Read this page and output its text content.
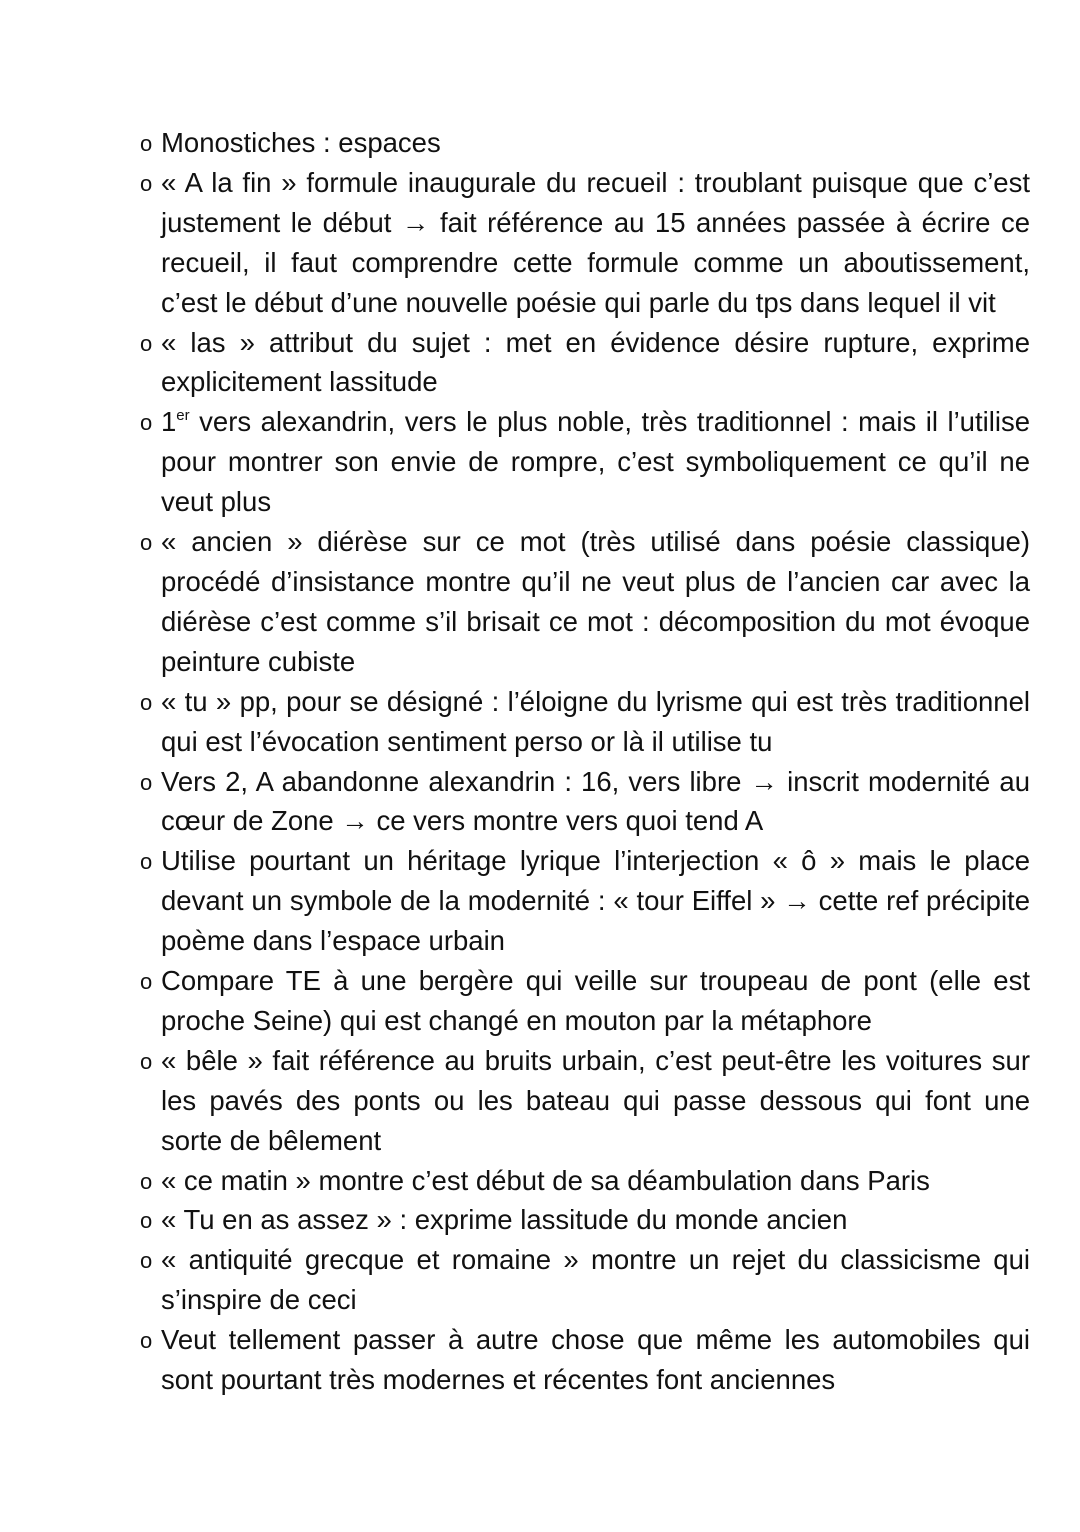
o Monostiches : espaces
o « A la fin » formule inaugurale du recueil : troublant puisque que c’est justement le début → fait référence au 15 années passée à écrire ce recueil, il faut comprendre cette formule comme un aboutissement, c’est le début d’une nouvelle poésie qui parle du tps dans lequel il vit
o « las » attribut du sujet : met en évidence désire rupture, exprime explicitement lassitude
o 1er vers alexandrin, vers le plus noble, très traditionnel : mais il l’utilise pour montrer son envie de rompre, c’est symboliquement ce qu’il ne veut plus
o « ancien » diérèse sur ce mot (très utilisé dans poésie classique) procédé d’insistance montre qu’il ne veut plus de l’ancien car avec la diérèse c’est comme s’il brisait ce mot : décomposition du mot évoque peinture cubiste
o « tu » pp, pour se désigné : l’éloigne du lyrisme qui est très traditionnel qui est l’évocation sentiment perso or là il utilise tu
o Vers 2, A abandonne alexandrin : 16, vers libre → inscrit modernité au cœur de Zone → ce vers montre vers quoi tend A
o Utilise pourtant un héritage lyrique l’interjection « ô » mais le place devant un symbole de la modernité : « tour Eiffel » → cette ref précipite poème dans l’espace urbain
o Compare TE à une bergère qui veille sur troupeau de pont (elle est proche Seine) qui est changé en mouton par la métaphore
o « bêle » fait référence au bruits urbain, c’est peut-être les voitures sur les pavés des ponts ou les bateau qui passe dessous qui font une sorte de bêlement
o « ce matin » montre c’est début de sa déambulation dans Paris
o « Tu en as assez » : exprime lassitude du monde ancien
o « antiquité grecque et romaine » montre un rejet du classicisme qui s’inspire de ceci
o Veut tellement passer à autre chose que même les automobiles qui sont pourtant très modernes et récentes font anciennes
